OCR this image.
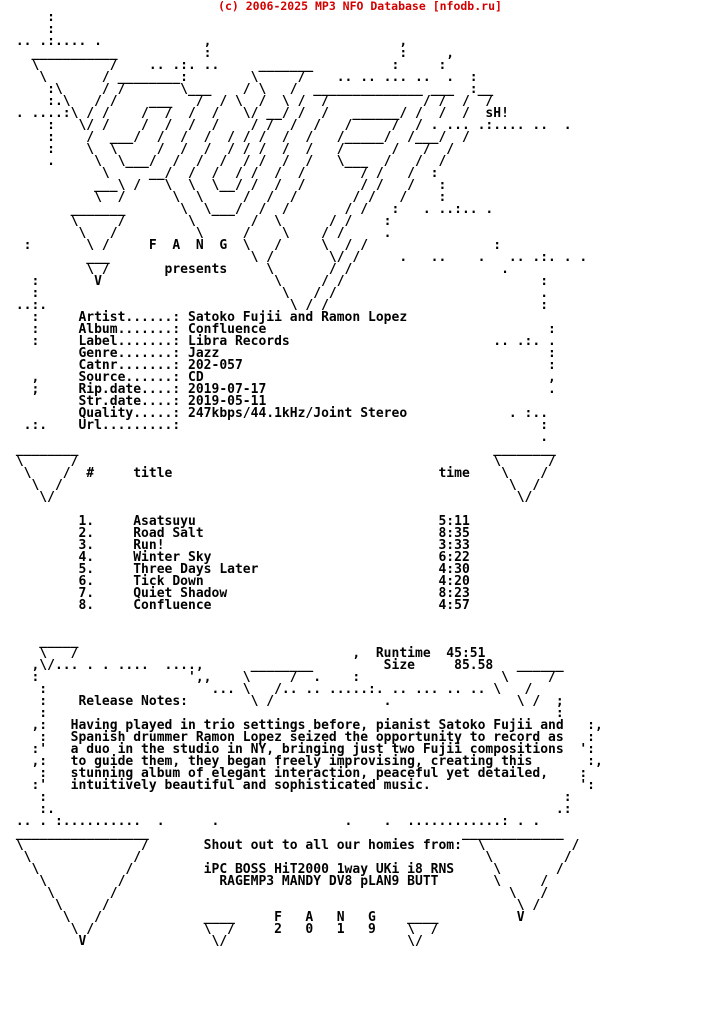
(c) 2006-2025 MP3 NFO Database [nfodb.ru]
:
:
.. .:.... .             ,                        ,
___________           :                        :     ,
\         /    .. .:. ..     _______          :     :
\       / ________:        \     /    .. .. ... ..  .  :
:\     / /       \___    / \   /  ______________ ___  :__
:.\   / /    ___   /  / \  /  \ /  /            / /  /  /
. ....:\ / /    /  /  /  /   \/ __/ /  /   ______/ /  /  /  sH!
:   \/ /    /  /  /  /    / /  /  /   /     /  / . ... .:.... ..  .
:    /  ___/  /  /  /  / / /  /  /   /_____/  /___/  /
:    \  \     /  /  /  / / /  /  /   /      /   /  /
.     \  \___/  /  /  /  / /  /  /   \___  /   /  /
\     __/  /  /  / /  /  /       / /   /  :
___\ /   \  \  \__/ /  /  /       / /   /   :
\  /      \  \     /  /  /       / /   /    :
_______       \  \___/  /  /       / /   :   . ..:.. .
\     /        \       /  \      / /    :
\   /          \     /    \    / /     .
:       \ /     F  A  N  G  \   /     \  / /                :
___                  \ /       \/ /     .   ..    .   .. .:. . .
\ /       presents     \       / /                   .
:       V                      \     / /                         :
:                               \   / /                          .
..:.                               \ / /                           :
:     Artist......: Satoko Fujii and Ramon Lopez
:     Album.......: Confluence                                    :
:     Label.......: Libra Records                          .. .:. .
Genre.......: Jazz                                          :
Catnr.......: 202-057                                       :
,     Source......: CD                                            ,
;     Rip.date....: 2019-07-17                                    .
Str.date....: 2019-05-11
Quality.....: 247kbps/44.1kHz/Joint Stereo             . :..
.:.    Url.........:                                              :
.
________                                                     ________
\      /                                                     \      /
\    /  #     title                                  time    \    /
\  /                                                         \  /
\/                                                           \/

1.     Asatsuyu                               5:11
2.     Road Salt                              8:35
3.     Run!                                   3:33
4.     Winter Sky                             6:22
5.     Three Days Later                       4:30
6.     Tick Down                              4:20
7.     Quiet Shadow                           8:23
8.     Confluence                             4:57

_____
\   /                                   ,  Runtime  45:51
,\/... . . ....  ....,      ________         Size     85.58   ______
:                   ',,    \     /  .    :                  \     /
:                     ... \   /.. .. .....:. .. ... .. .. \   /
:    Release Notes:        \ /              .                \ /  ;
:                                                                 :
,:   Having played in trio settings before, pianist Satoko Fujii and   :,
:   Spanish drummer Ramon Lopez seized the opportunity to record as   :
:'   a duo in the studio in NY, bringing just two Fujii compositions  ':
,:   to guide them, they began freely improvising, creating this       :,
:   stunning album of elegant interaction, peaceful yet detailed,    :
:'   intuitively beautiful and sophisticated music.                   ':
:                                                                  :
:.                                                                .:
.. . :..........  .      .                .    .  ............: . .
_________________                                        _____________
\               /       Shout out to all our homies from:  \           /
\             /                                            \         /
\           /         iPC BOSS HiT2000 1way UKi i8 RNS     \       /
\         /            RAGEMP3 MANDY DV8 pLAN9 BUTT       \     /
\       /                                                  \   /
\     /                                                    \ /
\   /             ____     F   A   N   G    ____          V
\ /              \  /     2   0   1   9    \  /
V                \/                       \/
